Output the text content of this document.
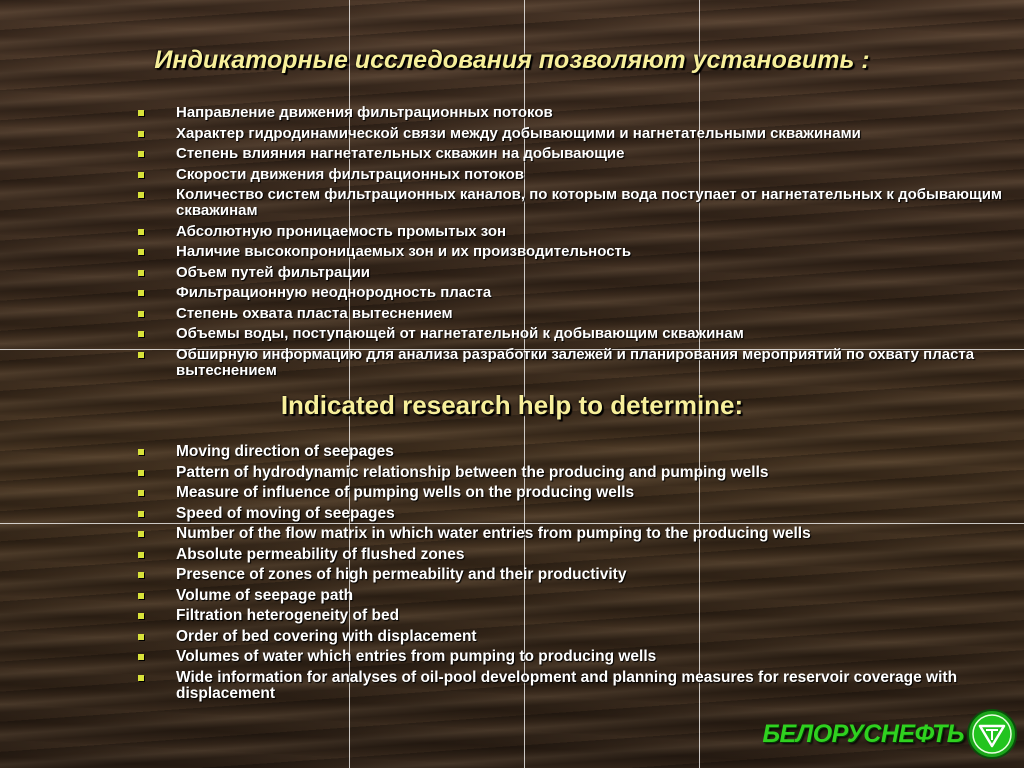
Индикаторные исследования позволяют установить :
Направление движения фильтрационных потоков
Характер гидродинамической связи между добывающими и нагнетательными скважинами
Степень влияния нагнетательных скважин на добывающие
Скорости движения фильтрационных потоков
Количество систем фильтрационных каналов, по которым вода поступает от нагнетательных к добывающим скважинам
Абсолютную проницаемость промытых зон
Наличие высокопроницаемых зон и их производительность
Объем путей фильтрации
Фильтрационную неоднородность пласта
Степень охвата пласта вытеснением
Объемы воды, поступающей от нагнетательной к добывающим скважинам
Обширную информацию для анализа разработки залежей и планирования мероприятий по охвату пласта вытеснением
Indicated research help to determine:
Moving direction of seepages
Pattern of hydrodynamic relationship between the producing and pumping wells
Measure of influence of pumping wells on the producing wells
Speed of moving of seepages
Number of the flow matrix in which water entries from pumping to the producing wells
Absolute permeability of flushed zones
Presence of zones of high permeability and their productivity
Volume of seepage path
Filtration heterogeneity of bed
Order of bed covering with displacement
Volumes of water which entries from pumping to producing wells
Wide information for analyses of oil-pool development and planning measures for reservoir coverage with displacement
БЕЛОРУСНЕФТЬ
